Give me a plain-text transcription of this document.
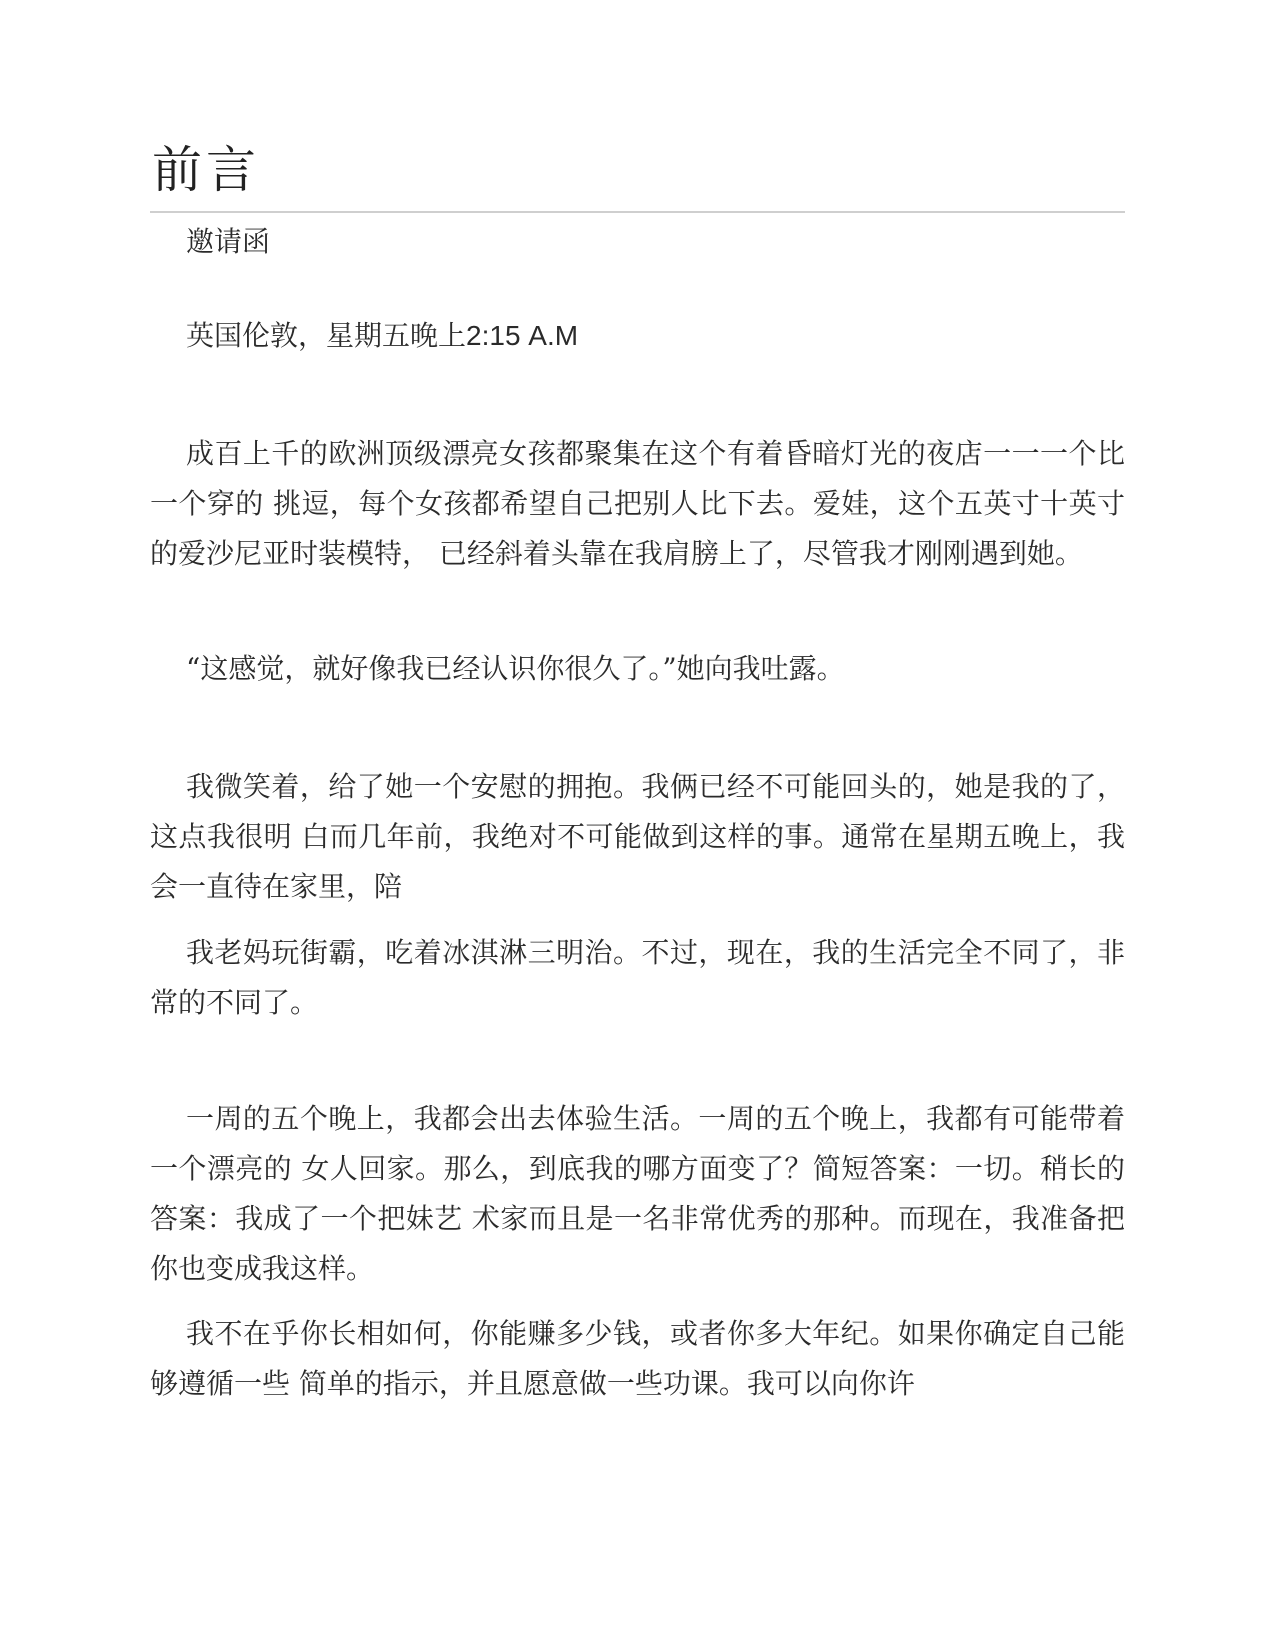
前言

邀请函

英国伦敦，星期五晚上2:15 A.M

成百上千的欧洲顶级漂亮女孩都聚集在这个有着昏暗灯光的夜店一一一个比一个穿的 挑逗，每个女孩都希望自己把别人比下去。爱娃，这个五英寸十英寸的爱沙尼亚时装模特， 已经斜着头靠在我肩膀上了，尽管我才刚刚遇到她。

“这感觉，就好像我已经认识你很久了。”她向我吐露。

我微笑着，给了她一个安慰的拥抱。我俩已经不可能回头的，她是我的了，这点我很明 白而几年前，我绝对不可能做到这样的事。通常在星期五晚上，我会一直待在家里，陪

我老妈玩街霸，吃着冰淇淋三明治。不过，现在，我的生活完全不同了，非常的不同了。

一周的五个晚上，我都会出去体验生活。一周的五个晚上，我都有可能带着一个漂亮的 女人回家。那么，到底我的哪方面变了？简短答案：一切。稍长的答案：我成了一个把妹艺 术家而且是一名非常优秀的那种。而现在，我准备把你也变成我这样。

我不在乎你长相如何，你能赚多少钱，或者你多大年纪。如果你确定自己能够遵循一些 简单的指示，并且愿意做一些功课。我可以向你许
